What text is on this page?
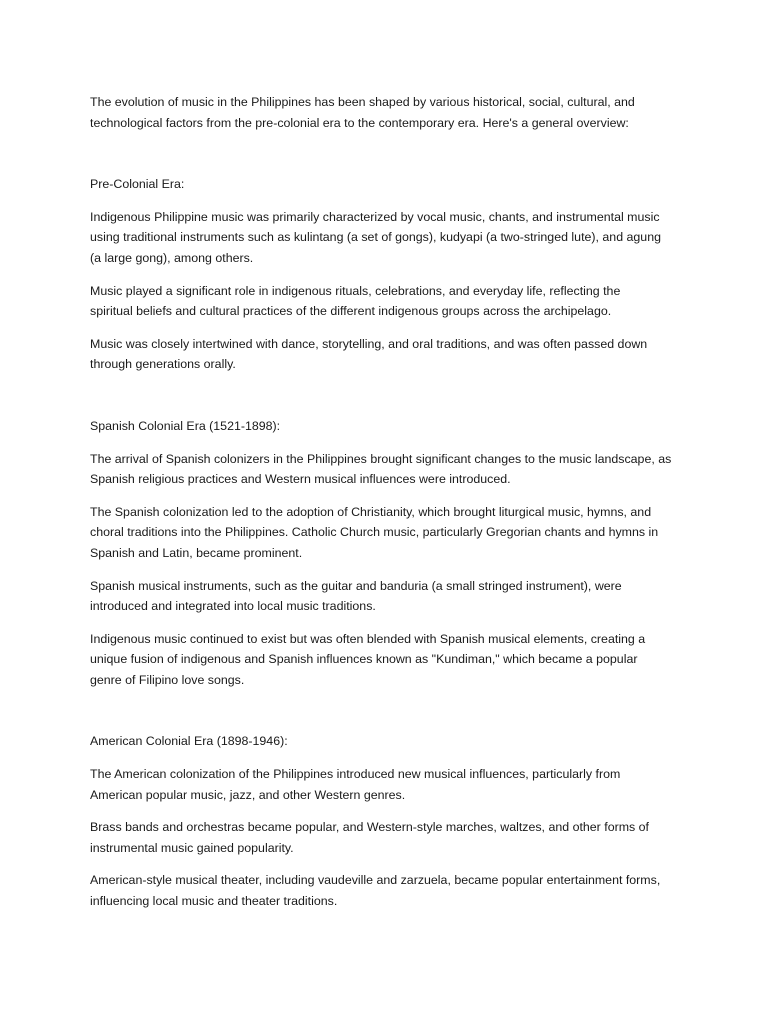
The evolution of music in the Philippines has been shaped by various historical, social, cultural, and
technological factors from the pre-colonial era to the contemporary era. Here's a general overview:

Pre-Colonial Era:

Indigenous Philippine music was primarily characterized by vocal music, chants, and instrumental music
using traditional instruments such as kulintang (a set of gongs), kudyapi (a two-stringed lute), and agung
(a large gong), among others.

Music played a significant role in indigenous rituals, celebrations, and everyday life, reflecting the
spiritual beliefs and cultural practices of the different indigenous groups across the archipelago.

Music was closely intertwined with dance, storytelling, and oral traditions, and was often passed down
through generations orally.

Spanish Colonial Era (1521-1898):

The arrival of Spanish colonizers in the Philippines brought significant changes to the music landscape, as
Spanish religious practices and Western musical influences were introduced.

The Spanish colonization led to the adoption of Christianity, which brought liturgical music, hymns, and
choral traditions into the Philippines. Catholic Church music, particularly Gregorian chants and hymns in
Spanish and Latin, became prominent.

Spanish musical instruments, such as the guitar and banduria (a small stringed instrument), were
introduced and integrated into local music traditions.

Indigenous music continued to exist but was often blended with Spanish musical elements, creating a
unique fusion of indigenous and Spanish influences known as "Kundiman," which became a popular
genre of Filipino love songs.

American Colonial Era (1898-1946):

The American colonization of the Philippines introduced new musical influences, particularly from
American popular music, jazz, and other Western genres.

Brass bands and orchestras became popular, and Western-style marches, waltzes, and other forms of
instrumental music gained popularity.

American-style musical theater, including vaudeville and zarzuela, became popular entertainment forms,
influencing local music and theater traditions.
